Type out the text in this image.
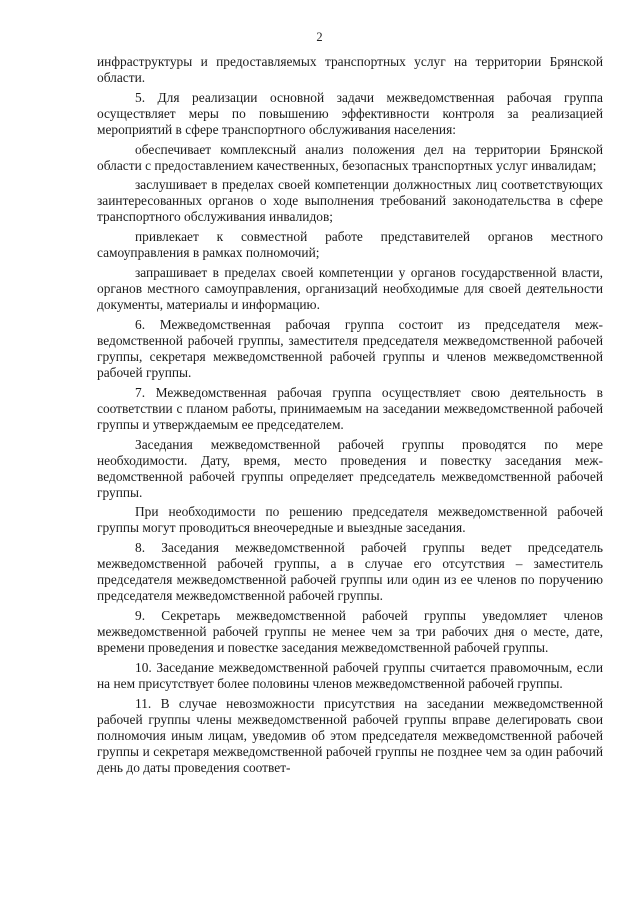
2

инфраструктуры и предоставляемых транспортных услуг на территории Брянской области.

5. Для реализации основной задачи межведомственная рабочая группа осуществляет меры по повышению эффективности контроля за реализацией мероприятий в сфере транспортного обслуживания населения:

обеспечивает комплексный анализ положения дел на территории Брянской области с предоставлением качественных, безопасных транспортных услуг инвалидам;

заслушивает в пределах своей компетенции должностных лиц соответствующих заинтересованных органов о ходе выполнения требований законодательства в сфере транспортного обслуживания инвалидов;

привлекает к совместной работе представителей органов местного самоуправления в рамках полномочий;

запрашивает в пределах своей компетенции у органов государственной власти, органов местного самоуправления, организаций необходимые для своей деятельности документы, материалы и информацию.

6. Межведомственная рабочая группа состоит из председателя межведомственной рабочей группы, заместителя председателя межведомственной рабочей группы, секретаря межведомственной рабочей группы и членов межведомственной рабочей группы.

7. Межведомственная рабочая группа осуществляет свою деятельность в соответствии с планом работы, принимаемым на заседании межведомственной рабочей группы и утверждаемым ее председателем.

Заседания межведомственной рабочей группы проводятся по мере необходимости. Дату, время, место проведения и повестку заседания межведомственной рабочей группы определяет председатель межведомственной рабочей группы.

При необходимости по решению председателя межведомственной рабочей группы могут проводиться внеочередные и выездные заседания.

8. Заседания межведомственной рабочей группы ведет председатель межведомственной рабочей группы, а в случае его отсутствия – заместитель председателя межведомственной рабочей группы или один из ее членов по поручению председателя межведомственной рабочей группы.

9. Секретарь межведомственной рабочей группы уведомляет членов межведомственной рабочей группы не менее чем за три рабочих дня о месте, дате, времени проведения и повестке заседания межведомственной рабочей группы.

10. Заседание межведомственной рабочей группы считается правомочным, если на нем присутствует более половины членов межведомственной рабочей группы.

11. В случае невозможности присутствия на заседании межведомственной рабочей группы члены межведомственной рабочей группы вправе делегировать свои полномочия иным лицам, уведомив об этом председателя межведомственной рабочей группы и секретаря межведомственной рабочей группы не позднее чем за один рабочий день до даты проведения соответ-
